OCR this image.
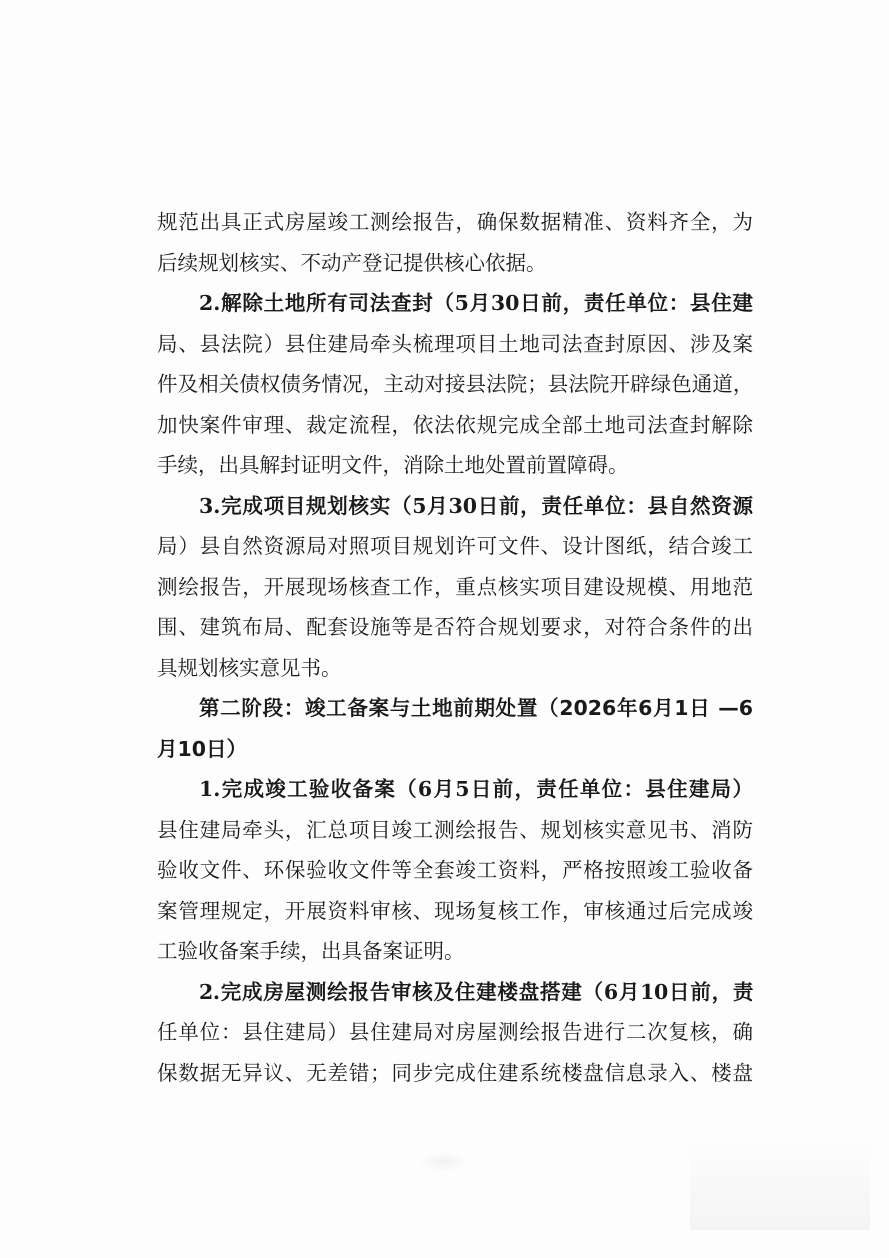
规范出具正式房屋竣工测绘报告，确保数据精准、资料齐全，为
后续规划核实、不动产登记提供核心依据。
2.解除土地所有司法查封（5月30日前，责任单位：县住建
局、县法院）县住建局牵头梳理项目土地司法查封原因、涉及案
件及相关债权债务情况，主动对接县法院；县法院开辟绿色通道，
加快案件审理、裁定流程，依法依规完成全部土地司法查封解除
手续，出具解封证明文件，消除土地处置前置障碍。
3.完成项目规划核实（5月30日前，责任单位：县自然资源
局）县自然资源局对照项目规划许可文件、设计图纸，结合竣工
测绘报告，开展现场核查工作，重点核实项目建设规模、用地范
围、建筑布局、配套设施等是否符合规划要求，对符合条件的出
具规划核实意见书。
第二阶段：竣工备案与土地前期处置（2026年6月1日 —6
月10日）
1.完成竣工验收备案（6月5日前，责任单位：县住建局）
县住建局牵头，汇总项目竣工测绘报告、规划核实意见书、消防
验收文件、环保验收文件等全套竣工资料，严格按照竣工验收备
案管理规定，开展资料审核、现场复核工作，审核通过后完成竣
工验收备案手续，出具备案证明。
2.完成房屋测绘报告审核及住建楼盘搭建（6月10日前，责
任单位：县住建局）县住建局对房屋测绘报告进行二次复核，确
保数据无异议、无差错；同步完成住建系统楼盘信息录入、楼盘
